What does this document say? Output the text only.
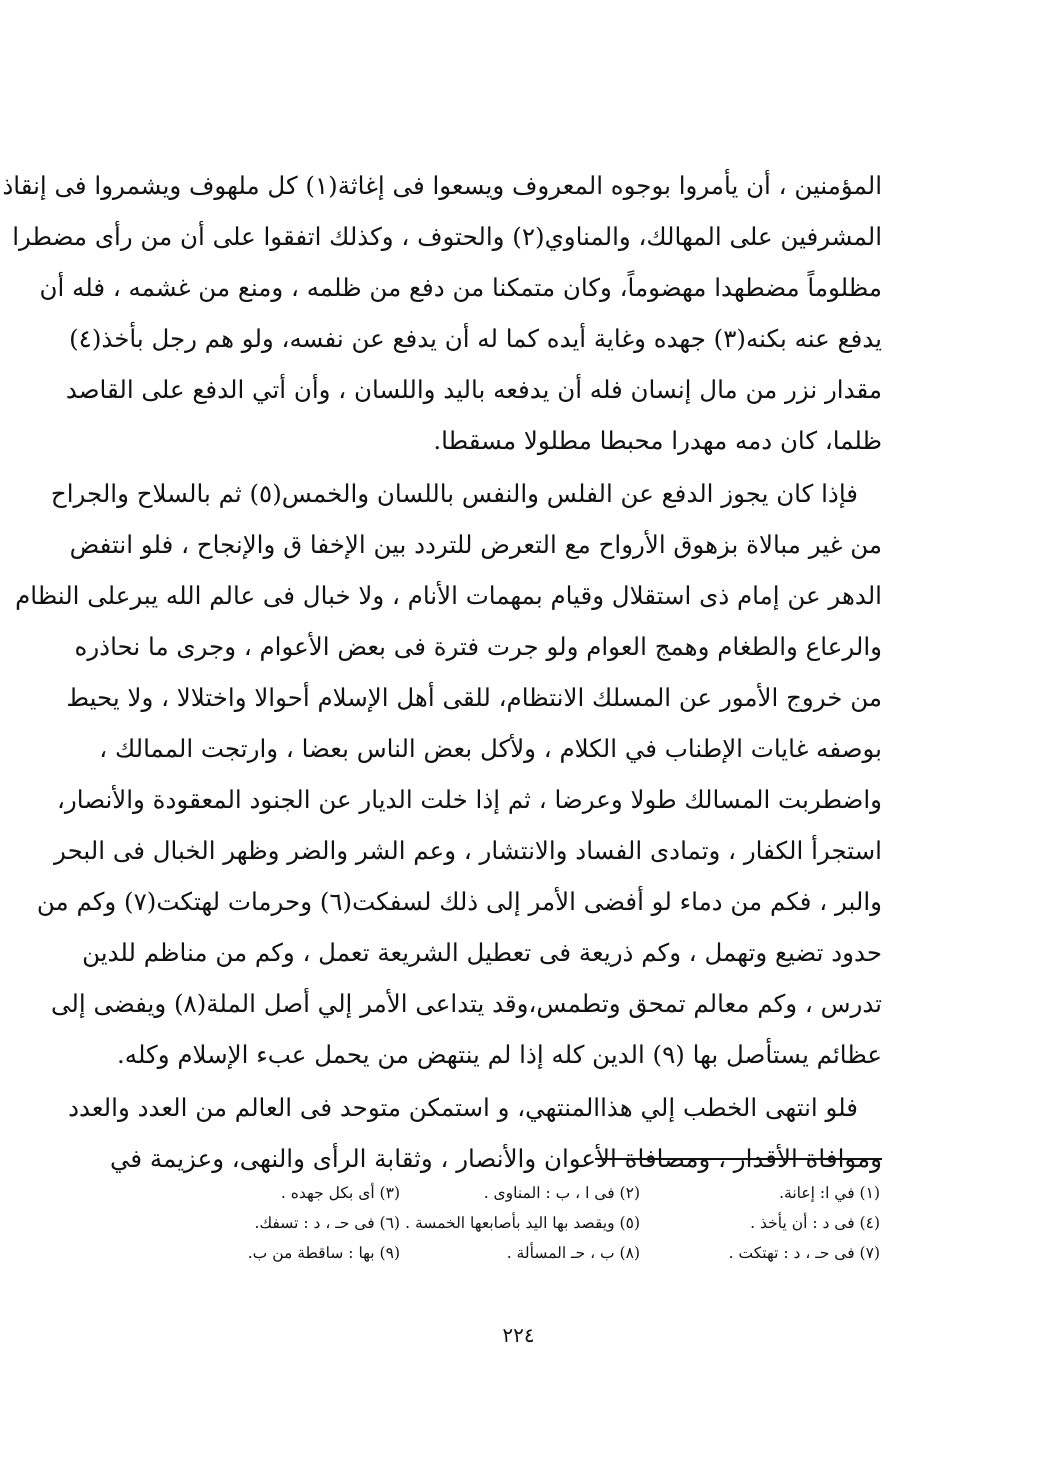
المؤمنين ، أن يأمروا بوجوه المعروف ويسعوا فى إغاثة(١) كل ملهوف ويشمروا فى إنقاذ
المشرفين على المهالك، والمناوي(٢) والحتوف ، وكذلك اتفقوا على أن من رأى مضطرا
مظلوماً مضطهدا مهضوماً، وكان متمكنا من دفع من ظلمه ، ومنع من غشمه ، فله أن
يدفع عنه بكنه(٣) جهده وغاية أيده كما له أن يدفع عن نفسه، ولو هم رجل بأخذ(٤)
مقدار نزر من مال إنسان فله أن يدفعه باليد واللسان ، وأن أتي الدفع على القاصد
ظلما، كان دمه مهدرا محبطا مطلولا مسقطا.
فإذا كان يجوز الدفع عن الفلس والنفس باللسان والخمس(٥) ثم بالسلاح والجراح
من غير مبالاة بزهوق الأرواح مع التعرض للتردد بين الإخفا ق والإنجاح ، فلو انتفض
الدهر عن إمام ذى استقلال وقيام بمهمات الأنام ، ولا خبال فى عالم الله يبرعلى النظام
والرعاع والطغام وهمج العوام ولو جرت فترة فى بعض الأعوام ، وجرى ما نحاذره
من خروج الأمور عن المسلك الانتظام، للقى أهل الإسلام أحوالا واختلالا ، ولا يحيط
بوصفه غايات الإطناب في الكلام ، ولأكل بعض الناس بعضا ، وارتجت الممالك ،
واضطربت المسالك طولا وعرضا ، ثم إذا خلت الديار عن الجنود المعقودة والأنصار،
استجرأ الكفار ، وتمادى الفساد والانتشار ، وعم الشر والضر وظهر الخبال فى البحر
والبر ، فكم من دماء لو أفضى الأمر إلى ذلك لسفكت(٦) وحرمات لهتكت(٧) وكم من
حدود تضيع وتهمل ، وكم ذريعة فى تعطيل الشريعة تعمل ، وكم من مناظم للدين
تدرس ، وكم معالم تمحق وتطمس،وقد يتداعى الأمر إلي أصل الملة(٨) ويفضى إلى
عظائم يستأصل بها (٩) الدين كله إذا لم ينتهض من يحمل عبء الإسلام وكله.
فلو انتهى الخطب إلي هذاالمنتهي، و استمكن متوحد فى العالم من العدد والعدد
وموافاة الأقدار ، ومصافاة الأعوان والأنصار ، وثقابة الرأى والنهى، وعزيمة في
(١) في ا: إعانة.
(٢) فى ا ، ب : المناوى .
(٣) أى بكل جهده .
(٤) فى د : أن يأخذ .
(٥) ويقصد بها اليد بأصابعها الخمسة .
(٦) فى حـ ، د : تسفك.
(٧) فى حـ ، د : تهتكت .
(٨) ب ، حـ المسألة .
(٩) بها : ساقطة من ب.
٢٢٤
